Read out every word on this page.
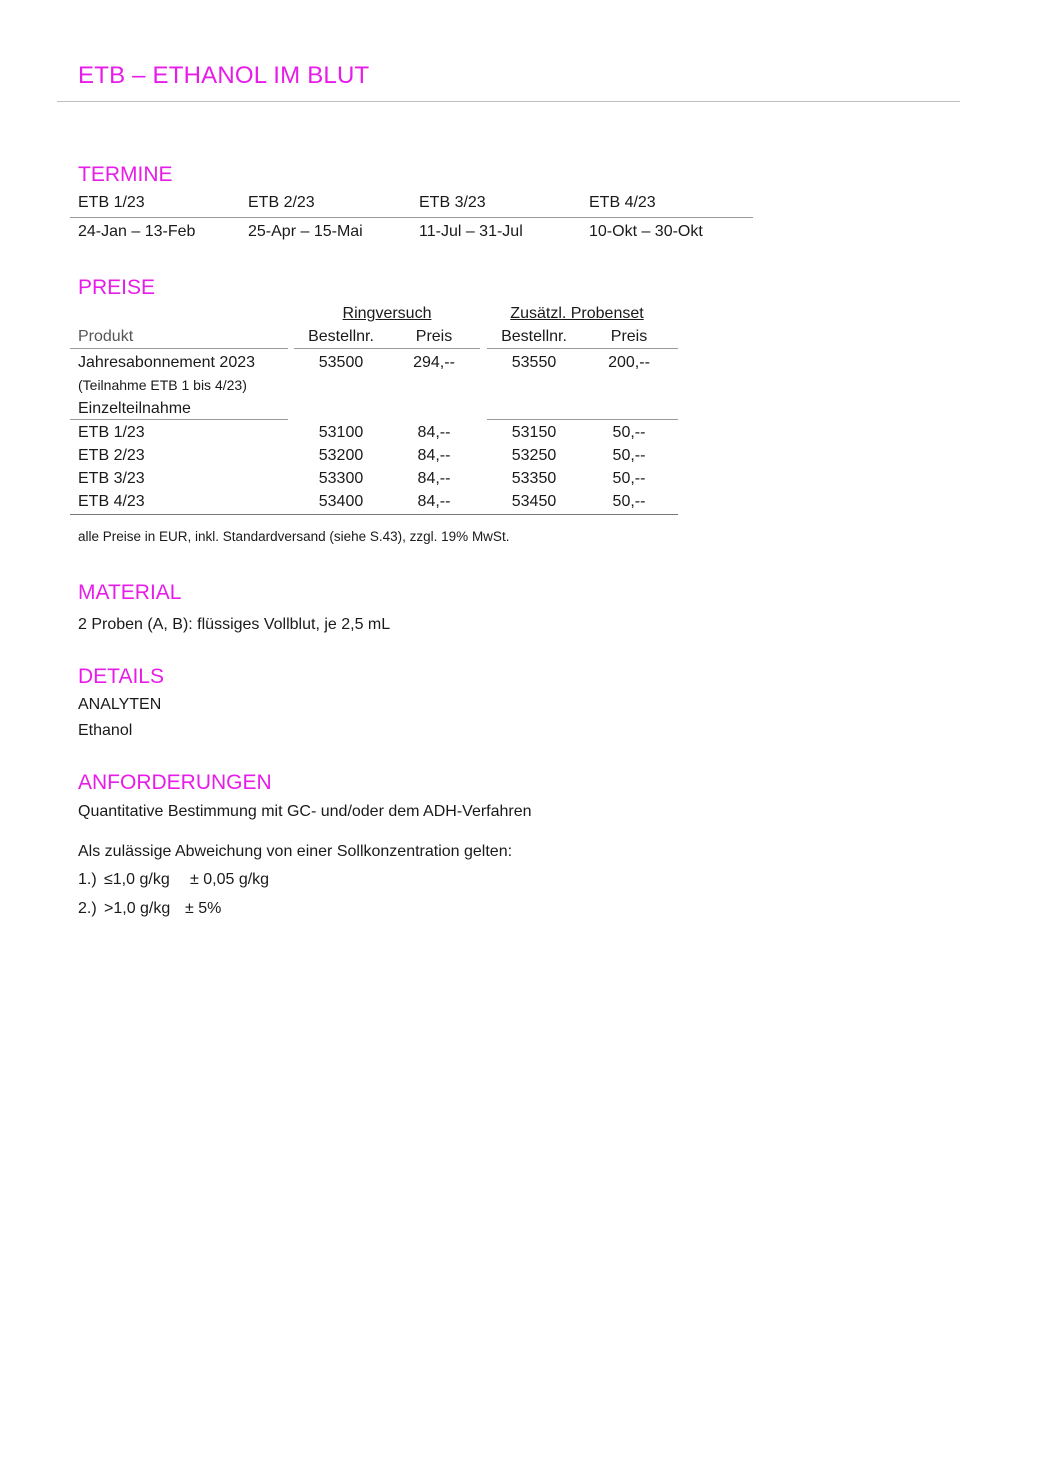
ETB – ETHANOL IM BLUT
TERMINE
ETB 1/23	ETB 2/23	ETB 3/23	ETB 4/23
24-Jan – 13-Feb	25-Apr – 15-Mai	11-Jul – 31-Jul	10-Okt – 30-Okt
PREISE
Ringversuch	Zusätzl. Probenset
Produkt	Bestellnr.	Preis	Bestellnr.	Preis
Jahresabonnement 2023	53500	294,--	53550	200,--
(Teilnahme ETB 1 bis 4/23)
Einzelteilnahme
ETB 1/23	53100	84,--	53150	50,--
ETB 2/23	53200	84,--	53250	50,--
ETB 3/23	53300	84,--	53350	50,--
ETB 4/23	53400	84,--	53450	50,--
alle Preise in EUR, inkl. Standardversand (siehe S.43), zzgl. 19% MwSt.
MATERIAL
2 Proben (A, B): flüssiges Vollblut, je 2,5 mL
DETAILS
ANALYTEN
Ethanol
ANFORDERUNGEN
Quantitative Bestimmung mit GC- und/oder dem ADH-Verfahren
Als zulässige Abweichung von einer Sollkonzentration gelten:
1.) ≤1,0 g/kg ± 0,05 g/kg
2.) >1,0 g/kg ± 5%
